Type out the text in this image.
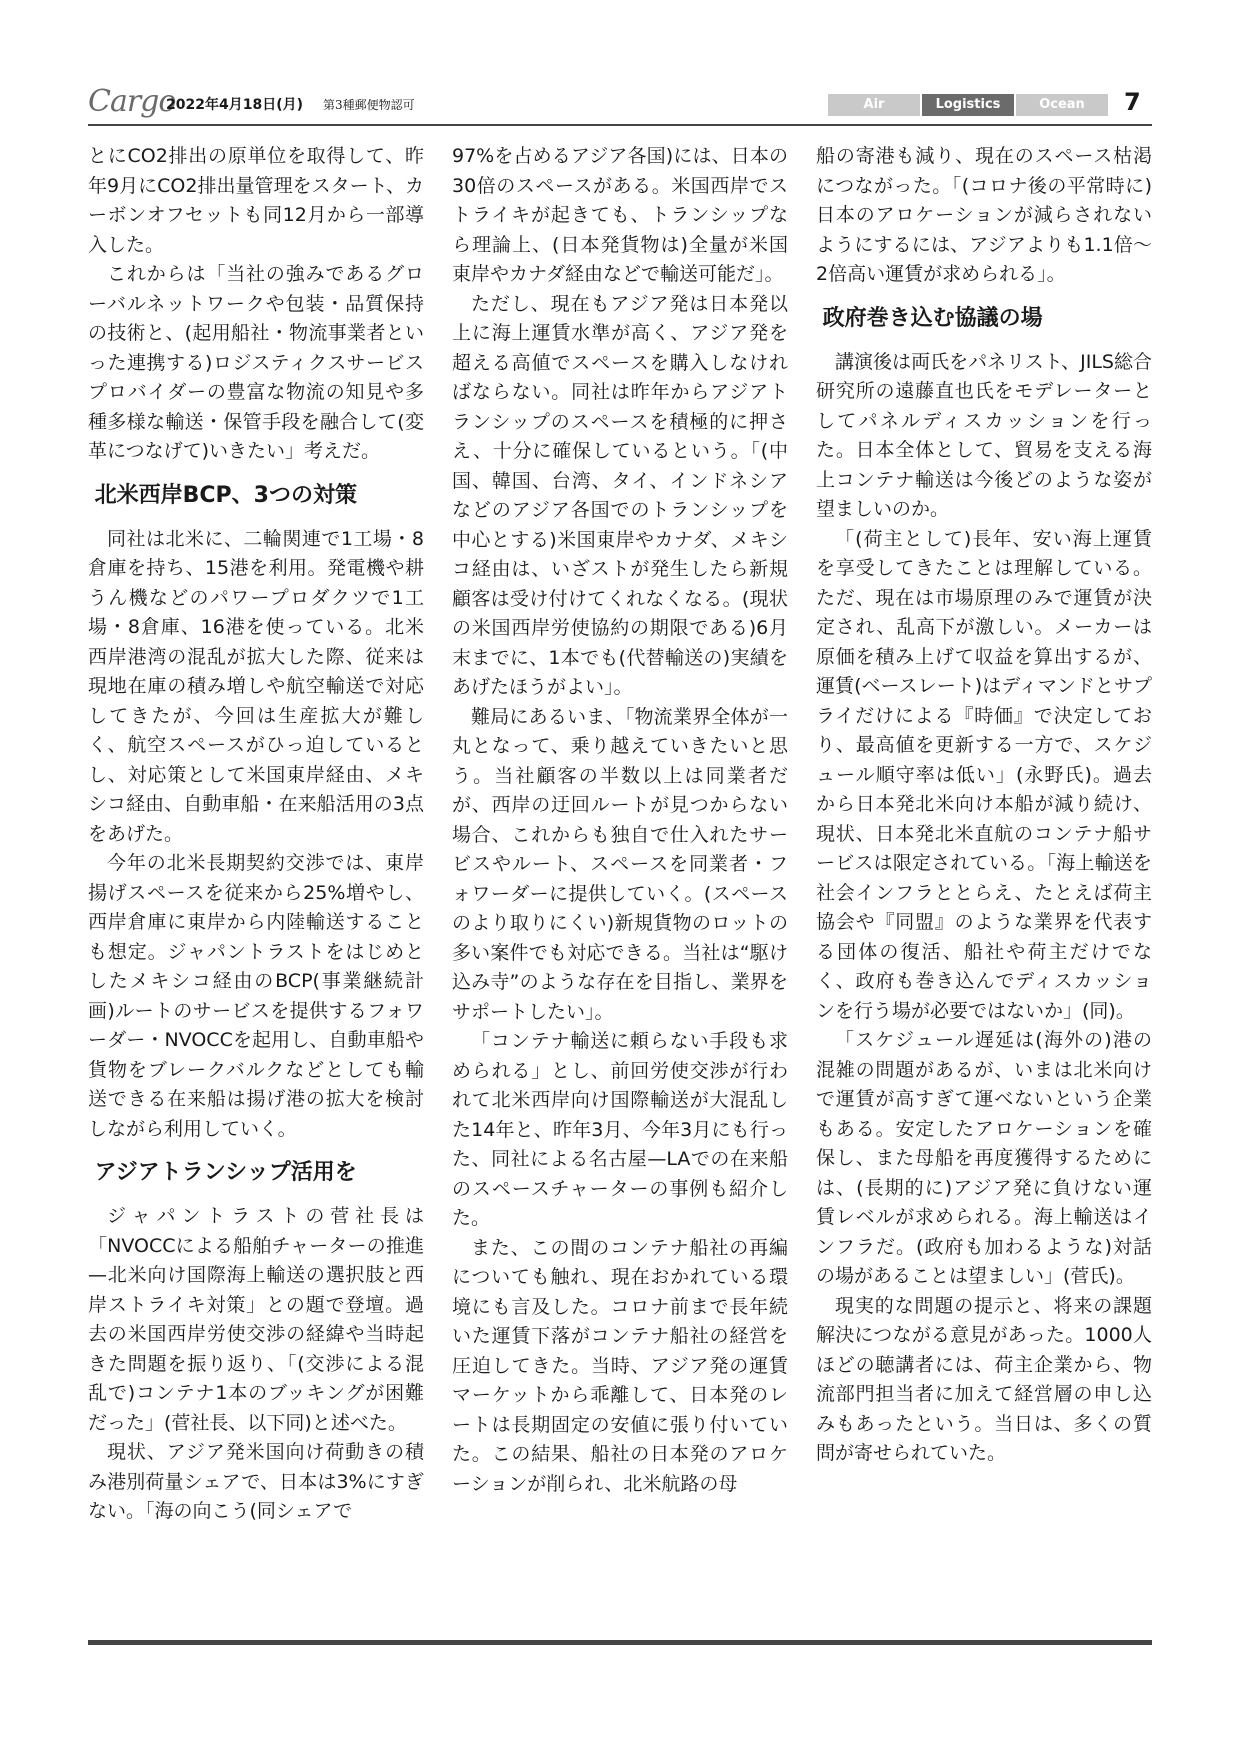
Cargo
2022年4月18日(月) 第3種郵便物認可	Air	Logistics	Ocean	7

とにCO2排出の原単位を取得して、昨年9月にCO2排出量管理をスタート、カーボンオフセットも同12月から一部導入した。

これからは「当社の強みであるグローバルネットワークや包装・品質保持の技術と、(起用船社・物流事業者といった連携する)ロジスティクスサービスプロバイダーの豊富な物流の知見や多種多様な輸送・保管手段を融合して(変革につなげて)いきたい」考えだ。

北米西岸BCP、3つの対策

同社は北米に、二輪関連で1工場・8倉庫を持ち、15港を利用。発電機や耕うん機などのパワープロダクツで1工場・8倉庫、16港を使っている。北米西岸港湾の混乱が拡大した際、従来は現地在庫の積み増しや航空輸送で対応してきたが、今回は生産拡大が難しく、航空スペースがひっ迫しているとし、対応策として米国東岸経由、メキシコ経由、自動車船・在来船活用の3点をあげた。

今年の北米長期契約交渉では、東岸揚げスペースを従来から25%増やし、西岸倉庫に東岸から内陸輸送することも想定。ジャパントラストをはじめとしたメキシコ経由のBCP(事業継続計画)ルートのサービスを提供するフォワーダー・NVOCCを起用し、自動車船や貨物をブレークバルクなどとしても輸送できる在来船は揚げ港の拡大を検討しながら利用していく。

アジアトランシップ活用を

ジャパントラストの菅社長は「NVOCCによる船舶チャーターの推進—北米向け国際海上輸送の選択肢と西岸ストライキ対策」との題で登壇。過去の米国西岸労使交渉の経緯や当時起きた問題を振り返り、「(交渉による混乱で)コンテナ1本のブッキングが困難だった」(菅社長、以下同)と述べた。

現状、アジア発米国向け荷動きの積み港別荷量シェアで、日本は3%にすぎない。「海の向こう(同シェアで

97%を占めるアジア各国)には、日本の30倍のスペースがある。米国西岸でストライキが起きても、トランシップなら理論上、(日本発貨物は)全量が米国東岸やカナダ経由などで輸送可能だ」。

ただし、現在もアジア発は日本発以上に海上運賃水準が高く、アジア発を超える高値でスペースを購入しなければならない。同社は昨年からアジアトランシップのスペースを積極的に押さえ、十分に確保しているという。「(中国、韓国、台湾、タイ、インドネシアなどのアジア各国でのトランシップを中心とする)米国東岸やカナダ、メキシコ経由は、いざストが発生したら新規顧客は受け付けてくれなくなる。(現状の米国西岸労使協約の期限である)6月末までに、1本でも(代替輸送の)実績をあげたほうがよい」。

難局にあるいま、「物流業界全体が一丸となって、乗り越えていきたいと思う。当社顧客の半数以上は同業者だが、西岸の迂回ルートが見つからない場合、これからも独自で仕入れたサービスやルート、スペースを同業者・フォワーダーに提供していく。(スペースのより取りにくい)新規貨物のロットの多い案件でも対応できる。当社は“駆け込み寺”のような存在を目指し、業界をサポートしたい」。

「コンテナ輸送に頼らない手段も求められる」とし、前回労使交渉が行われて北米西岸向け国際輸送が大混乱した14年と、昨年3月、今年3月にも行った、同社による名古屋—LAでの在来船のスペースチャーターの事例も紹介した。

また、この間のコンテナ船社の再編についても触れ、現在おかれている環境にも言及した。コロナ前まで長年続いた運賃下落がコンテナ船社の経営を圧迫してきた。当時、アジア発の運賃マーケットから乖離して、日本発のレートは長期固定の安値に張り付いていた。この結果、船社の日本発のアロケーションが削られ、北米航路の母

船の寄港も減り、現在のスペース枯渇につながった。「(コロナ後の平常時に)日本のアロケーションが減らされないようにするには、アジアよりも1.1倍〜2倍高い運賃が求められる」。

政府巻き込む協議の場

講演後は両氏をパネリスト、JILS総合研究所の遠藤直也氏をモデレーターとしてパネルディスカッションを行った。日本全体として、貿易を支える海上コンテナ輸送は今後どのような姿が望ましいのか。

「(荷主として)長年、安い海上運賃を享受してきたことは理解している。ただ、現在は市場原理のみで運賃が決定され、乱高下が激しい。メーカーは原価を積み上げて収益を算出するが、運賃(ベースレート)はディマンドとサプライだけによる『時価』で決定しており、最高値を更新する一方で、スケジュール順守率は低い」(永野氏)。過去から日本発北米向け本船が減り続け、現状、日本発北米直航のコンテナ船サービスは限定されている。「海上輸送を社会インフラととらえ、たとえば荷主協会や『同盟』のような業界を代表する団体の復活、船社や荷主だけでなく、政府も巻き込んでディスカッションを行う場が必要ではないか」(同)。

「スケジュール遅延は(海外の)港の混雑の問題があるが、いまは北米向けで運賃が高すぎて運べないという企業もある。安定したアロケーションを確保し、また母船を再度獲得するためには、(長期的に)アジア発に負けない運賃レベルが求められる。海上輸送はインフラだ。(政府も加わるような)対話の場があることは望ましい」(菅氏)。

現実的な問題の提示と、将来の課題解決につながる意見があった。1000人ほどの聴講者には、荷主企業から、物流部門担当者に加えて経営層の申し込みもあったという。当日は、多くの質問が寄せられていた。
